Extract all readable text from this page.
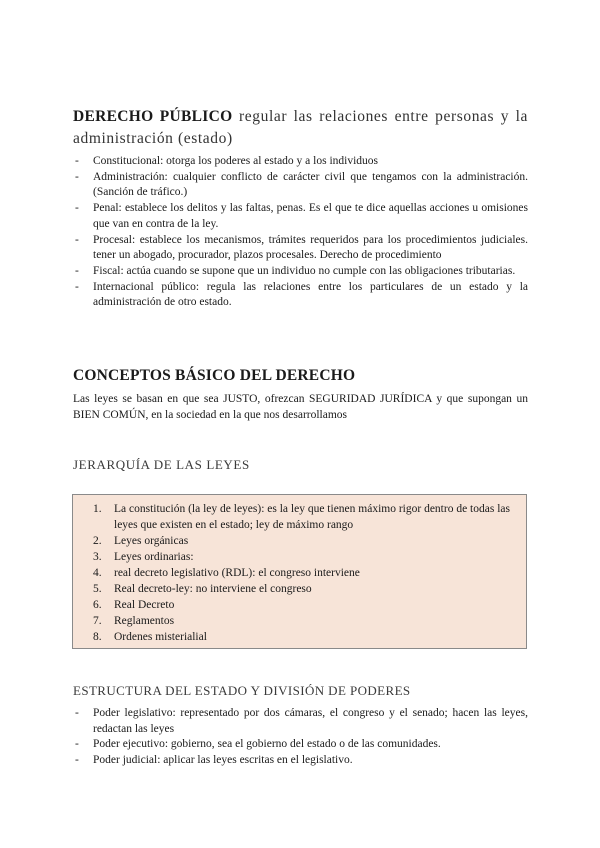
DERECHO PÚBLICO regular las relaciones entre personas y la administración (estado)
- Constitucional: otorga los poderes al estado y a los individuos
- Administración: cualquier conflicto de carácter civil que tengamos con la administración. (Sanción de tráfico.)
- Penal: establece los delitos y las faltas, penas. Es el que te dice aquellas acciones u omisiones que van en contra de la ley.
- Procesal: establece los mecanismos, trámites requeridos para los procedimientos judiciales. tener un abogado, procurador, plazos procesales. Derecho de procedimiento
- Fiscal: actúa cuando se supone que un individuo no cumple con las obligaciones tributarias.
- Internacional público: regula las relaciones entre los particulares de un estado y la administración de otro estado.
CONCEPTOS BÁSICO DEL DERECHO
Las leyes se basan en que sea JUSTO, ofrezcan SEGURIDAD JURÍDICA y que supongan un BIEN COMÚN, en la sociedad en la que nos desarrollamos
JERARQUÍA DE LAS LEYES
1. La constitución (la ley de leyes): es la ley que tienen máximo rigor dentro de todas las leyes que existen en el estado; ley de máximo rango
2. Leyes orgánicas
3. Leyes ordinarias:
4. real decreto legislativo (RDL): el congreso interviene
5. Real decreto-ley: no interviene el congreso
6. Real Decreto
7. Reglamentos
8. Ordenes misterialial
ESTRUCTURA DEL ESTADO Y DIVISIÓN DE PODERES
- Poder legislativo: representado por dos cámaras, el congreso y el senado; hacen las leyes, redactan las leyes
- Poder ejecutivo: gobierno, sea el gobierno del estado o de las comunidades.
- Poder judicial: aplicar las leyes escritas en el legislativo.
